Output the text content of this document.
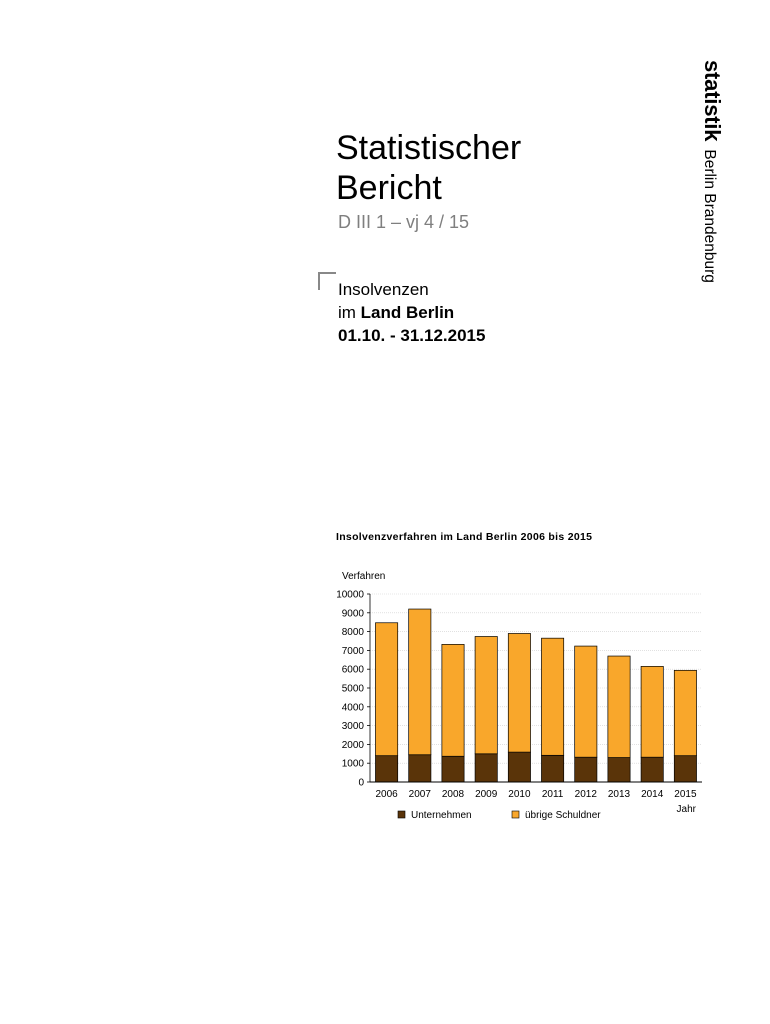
statistikBerlin Brandenburg
Statistischer
Bericht
D III 1 – vj 4 / 15
Insolvenzen
im Land Berlin
01.10. - 31.12.2015
Insolvenzverfahren im Land Berlin 2006 bis 2015
Verfahren
0
1000
2000
3000
4000
5000
6000
7000
8000
9000
10000
2006 2007 2008 2009 2010 2011 2012 2013 2014 2015
Jahr
Unternehmen	übrige Schuldner
